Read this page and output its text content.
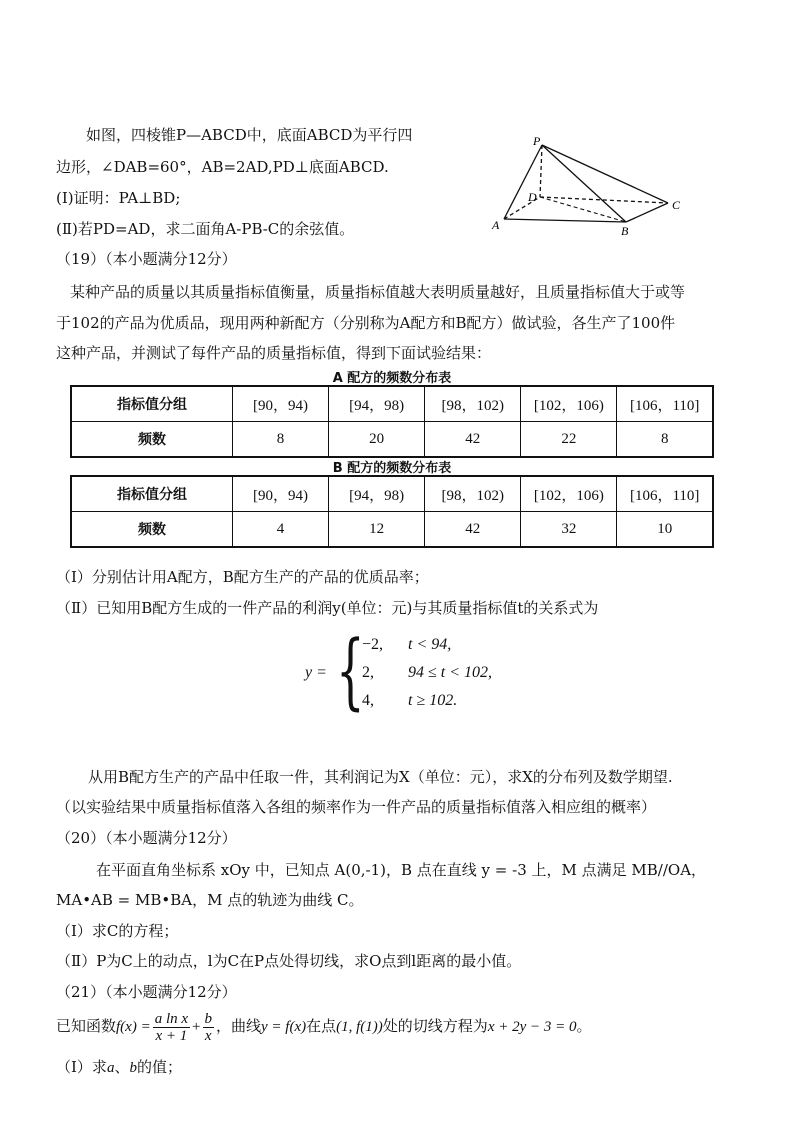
如图，四棱锥P—ABCD中，底面ABCD为平行四
边形，∠DAB=60°，AB=2AD,PD⊥底面ABCD.
(Ⅰ)证明：PA⊥BD;
(Ⅱ)若PD=AD，求二面角A-PB-C的余弦值。
P
D
A	B
C
（19）（本小题满分12分）
某种产品的质量以其质量指标值衡量，质量指标值越大表明质量越好，且质量指标值大于或等
于102的产品为优质品，现用两种新配方（分别称为A配方和B配方）做试验，各生产了100件
这种产品，并测试了每件产品的质量指标值，得到下面试验结果：
A 配方的频数分布表
指标值分组	[90，94)	[94，98)	[98，102)	[102，106)	[106，110]
频数	8	20	42	22	8
B 配方的频数分布表
指标值分组	[90，94)	[94，98)	[98，102)	[102，106)	[106，110]
频数	4	12	42	32	10
（Ⅰ）分别估计用A配方，B配方生产的产品的优质品率；
（Ⅱ）已知用B配方生成的一件产品的利润y(单位：元)与其质量指标值t的关系式为
y = {
−2, t < 94,
2, 94 ≤ t < 102,
4, t ≥ 102.
从用B配方生产的产品中任取一件，其利润记为X（单位：元），求X的分布列及数学期望.
（以实验结果中质量指标值落入各组的频率作为一件产品的质量指标值落入相应组的概率）
（20）（本小题满分12分）
在平面直角坐标系 xOy 中，已知点 A(0,-1)，B 点在直线 y = -3 上，M 点满足 MB//OA，
MA•AB = MB•BA，M 点的轨迹为曲线 C。
（Ⅰ）求C的方程；
（Ⅱ）P为C上的动点，l为C在P点处得切线，求O点到l距离的最小值。
（21）（本小题满分12分）
已知函数$f(x) = \frac{\text{a ln x}}{x + 1} + \frac{b}{x}$ ，曲线y = f(x)在点(1, f(1))处的切线方程为x + 2y − 3 = 0。
（Ⅰ）求a、b的值；
